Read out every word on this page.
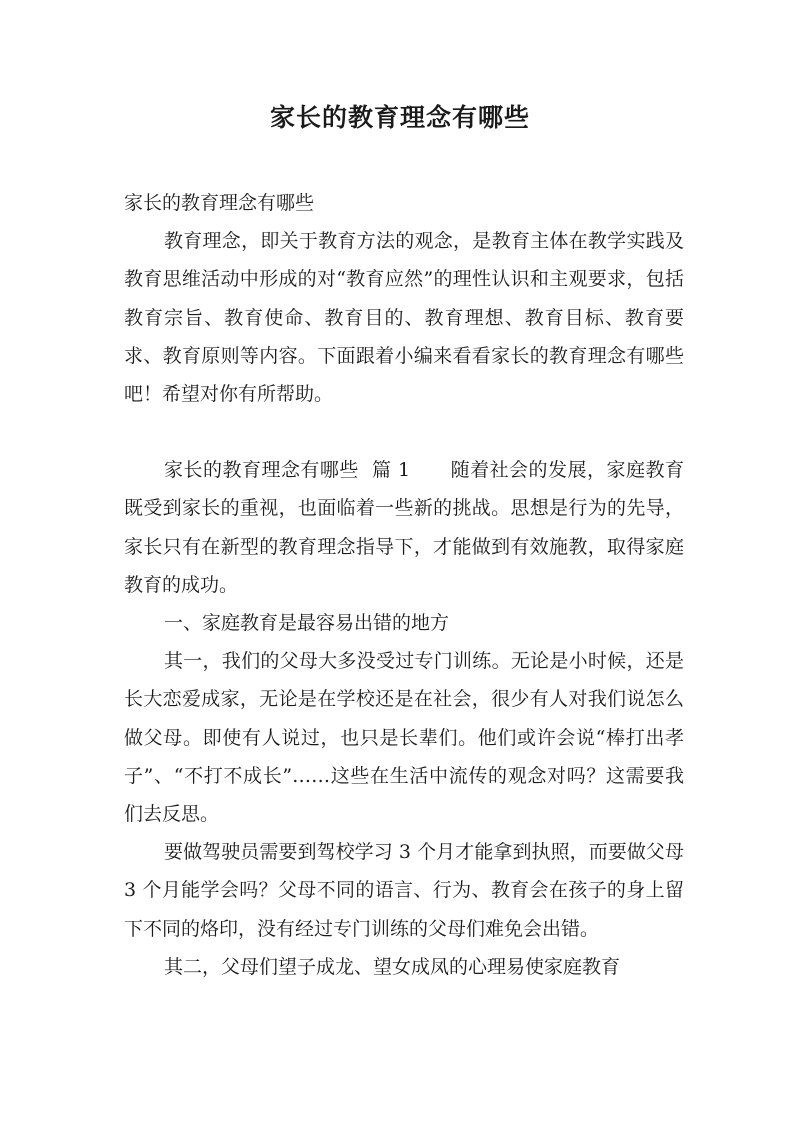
家长的教育理念有哪些

家长的教育理念有哪些

教育理念，即关于教育方法的观念，是教育主体在教学实践及教育思维活动中形成的对“教育应然”的理性认识和主观要求，包括教育宗旨、教育使命、教育目的、教育理想、教育目标、教育要求、教育原则等内容。下面跟着小编来看看家长的教育理念有哪些吧！希望对你有所帮助。

家长的教育理念有哪些  篇 1 随着社会的发展，家庭教育既受到家长的重视，也面临着一些新的挑战。思想是行为的先导，家长只有在新型的教育理念指导下，才能做到有效施教，取得家庭教育的成功。

一、家庭教育是最容易出错的地方

其一，我们的父母大多没受过专门训练。无论是小时候，还是长大恋爱成家，无论是在学校还是在社会，很少有人对我们说怎么做父母。即使有人说过，也只是长辈们。他们或许会说“棒打出孝子”、“不打不成长”……这些在生活中流传的观念对吗？这需要我们去反思。

要做驾驶员需要到驾校学习 3 个月才能拿到执照，而要做父母 3 个月能学会吗？父母不同的语言、行为、教育会在孩子的身上留下不同的烙印，没有经过专门训练的父母们难免会出错。

其二，父母们望子成龙、望女成凤的心理易使家庭教育
